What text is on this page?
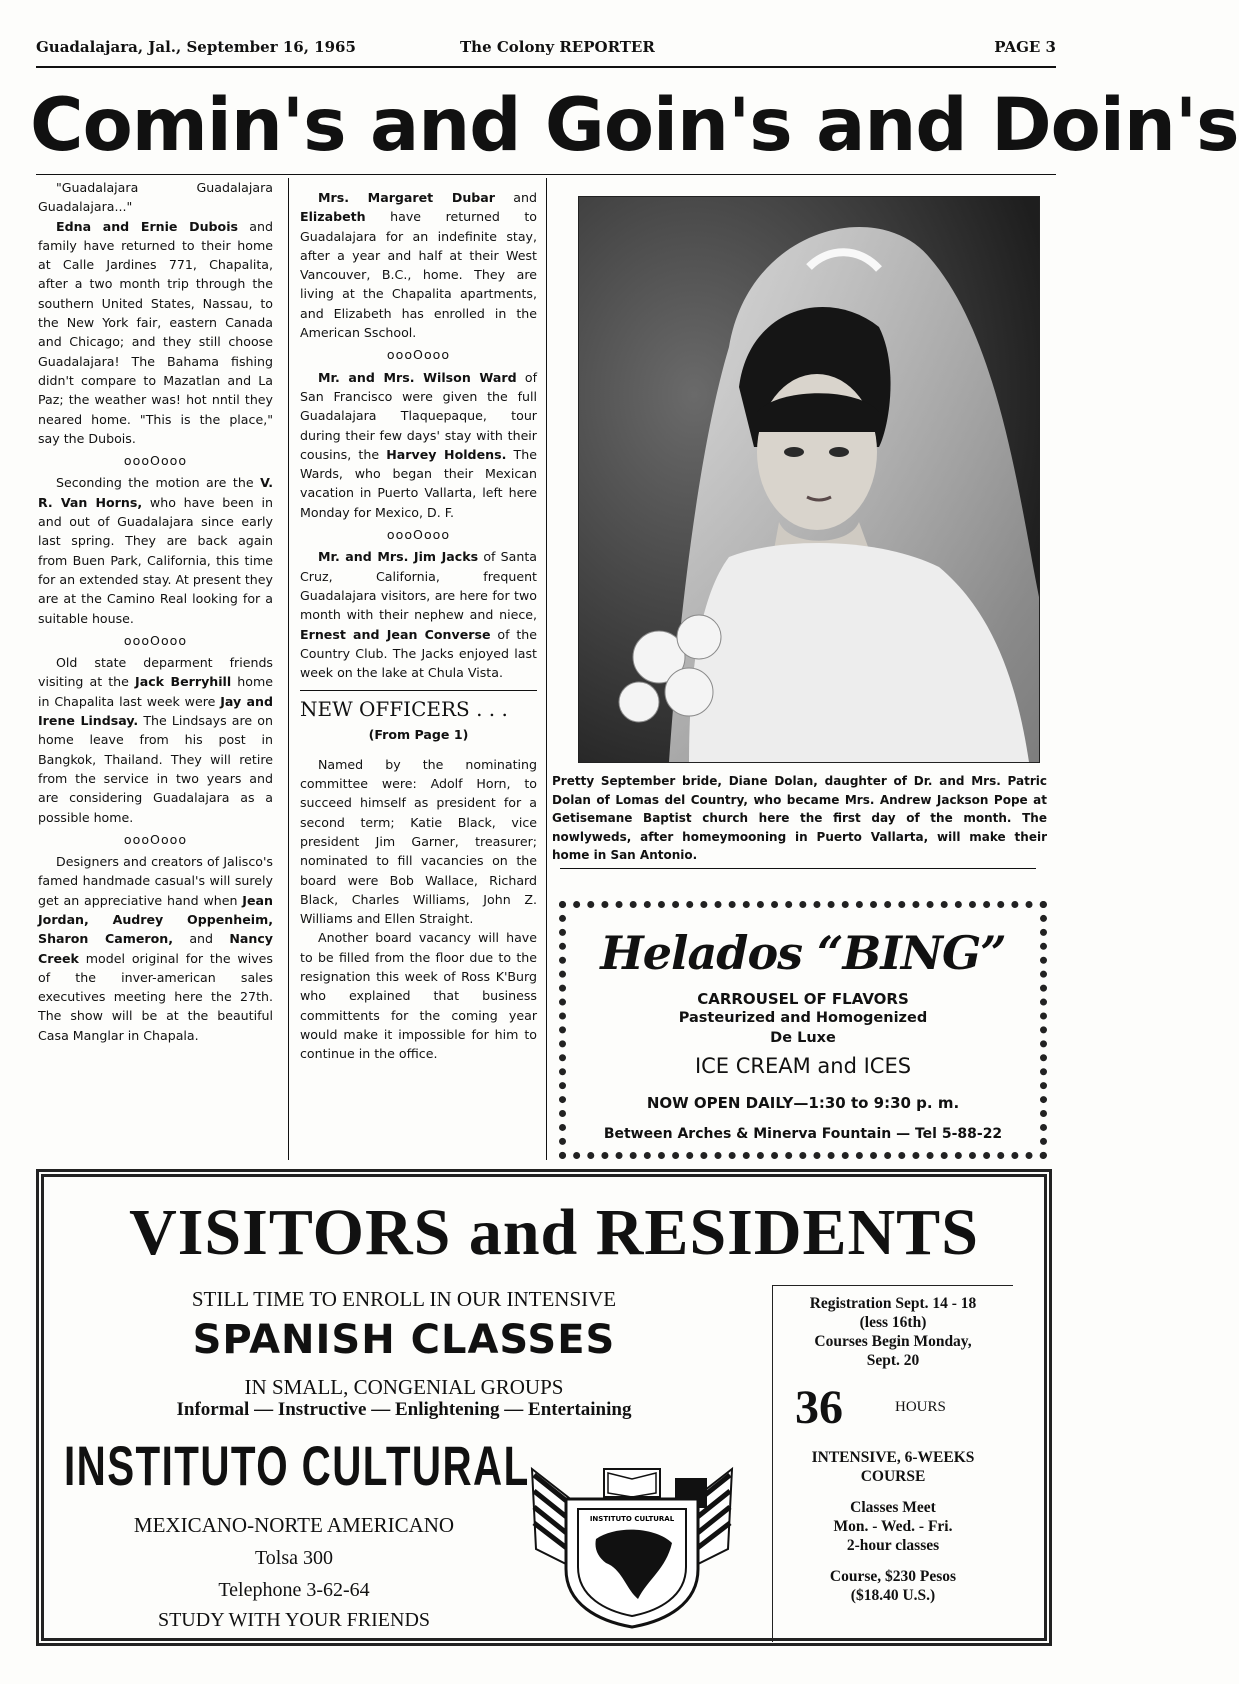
Guadalajara, Jal., September 16, 1965	The Colony REPORTER	PAGE 3
Comin's and Goin's and Doin's

"Guadalajara Guadalajara Guadalajara..."

Edna and Ernie Dubois and family have returned to their home at Calle Jardines 771, Chapalita, after a two month trip through the southern United States, Nassau, to the New York fair, eastern Canada and Chicago; and they still choose Guadalajara! The Bahama fishing didn't compare to Mazatlan and La Paz; the weather was! hot nntil they neared home. "This is the place," say the Dubois.

oooOooo

Seconding the motion are the V. R. Van Horns, who have been in and out of Guadalajara since early last spring. They are back again from Buen Park, California, this time for an extended stay. At present they are at the Camino Real looking for a suitable house.

oooOooo

Old state deparment friends visiting at the Jack Berryhill home in Chapalita last week were Jay and Irene Lindsay. The Lindsays are on home leave from his post in Bangkok, Thailand. They will retire from the service in two years and are considering Guadalajara as a possible home.

oooOooo

Designers and creators of Jalisco's famed handmade casual's will surely get an appreciative hand when Jean Jordan, Audrey Oppenheim, Sharon Cameron, and Nancy Creek model original for the wives of the inver-american sales executives meeting here the 27th. The show will be at the beautiful Casa Manglar in Chapala.

Mrs. Margaret Dubar and Elizabeth have returned to Guadalajara for an indefinite stay, after a year and half at their West Vancouver, B.C., home. They are living at the Chapalita apartments, and Elizabeth has enrolled in the American Sschool.

oooOooo

Mr. and Mrs. Wilson Ward of San Francisco were given the full Guadalajara Tlaquepaque, tour during their few days' stay with their cousins, the Harvey Holdens. The Wards, who began their Mexican vacation in Puerto Vallarta, left here Monday for Mexico, D. F.

oooOooo

Mr. and Mrs. Jim Jacks of Santa Cruz, California, frequent Guadalajara visitors, are here for two month with their nephew and niece, Ernest and Jean Converse of the Country Club. The Jacks enjoyed last week on the lake at Chula Vista.

NEW OFFICERS . . .
(From Page 1)

Named by the nominating committee were: Adolf Horn, to succeed himself as president for a second term; Katie Black, vice president Jim Garner, treasurer; nominated to fill vacancies on the board were Bob Wallace, Richard Black, Charles Williams, John Z. Williams and Ellen Straight.

Another board vacancy will have to be filled from the floor due to the resignation this week of Ross K'Burg who explained that business committents for the coming year would make it impossible for him to continue in the office.

Pretty September bride, Diane Dolan, daughter of Dr. and Mrs. Patric Dolan of Lomas del Country, who became Mrs. Andrew Jackson Pope at Getisemane Baptist church here the first day of the month. The nowlyweds, after homeymooning in Puerto Vallarta, will make their home in San Antonio.
Helados “BING”
CARROUSEL OF FLAVORS
Pasteurized and Homogenized
De Luxe
ICE CREAM and ICES
NOW OPEN DAILY—1:30 to 9:30 p. m.
Between Arches & Minerva Fountain — Tel 5-88-22
VISITORS and RESIDENTS
STILL TIME TO ENROLL IN OUR INTENSIVE
SPANISH CLASSES
IN SMALL, CONGENIAL GROUPS
Informal — Instructive — Enlightening — Entertaining
INSTITUTO CULTURAL
MEXICANO-NORTE AMERICANO
Tolsa 300
Telephone 3-62-64
STUDY WITH YOUR FRIENDS
INSTITUTO CULTURAL
Registration Sept. 14 - 18
(less 16th)
Courses Begin Monday,
Sept. 20
36	HOURS
INTENSIVE, 6-WEEKS
COURSE
Classes Meet
Mon. - Wed. - Fri.
2-hour classes
Course, $230 Pesos
($18.40 U.S.)
